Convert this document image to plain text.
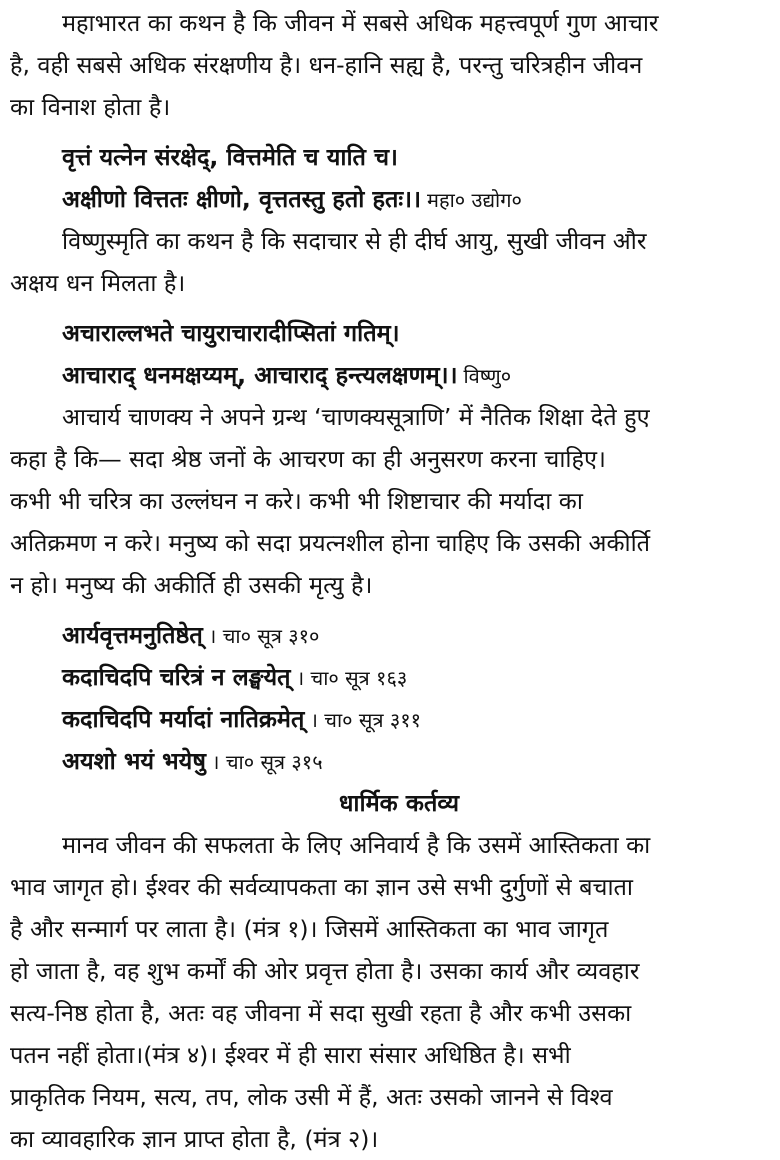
महाभारत का कथन है कि जीवन में सबसे अधिक महत्त्वपूर्ण गुण आचार
है, वही सबसे अधिक संरक्षणीय है। धन-हानि सह्य है, परन्तु चरित्रहीन जीवन
का विनाश होता है।
वृत्तं यत्नेन संरक्षेद्, वित्तमेति च याति च।
अक्षीणो वित्ततः क्षीणो, वृत्ततस्तु हतो हतः।। महा० उद्योग०
विष्णुस्मृति का कथन है कि सदाचार से ही दीर्घ आयु, सुखी जीवन और
अक्षय धन मिलता है।
अचाराल्लभते चायुराचारादीप्सितां गतिम्।
आचाराद् धनमक्षय्यम्, आचाराद् हन्त्यलक्षणम्।। विष्णु०
आचार्य चाणक्य ने अपने ग्रन्थ ‘चाणक्यसूत्राणि’ में नैतिक शिक्षा देते हुए
कहा है कि— सदा श्रेष्ठ जनों के आचरण का ही अनुसरण करना चाहिए।
कभी भी चरित्र का उल्लंघन न करे। कभी भी शिष्टाचार की मर्यादा का
अतिक्रमण न करे। मनुष्य को सदा प्रयत्नशील होना चाहिए कि उसकी अकीर्ति
न हो। मनुष्य की अकीर्ति ही उसकी मृत्यु है।
आर्यवृत्तमनुतिष्ठेत् । चा० सूत्र ३१०
कदाचिदपि चरित्रं न लङ्घयेत् । चा० सूत्र १६३
कदाचिदपि मर्यादां नातिक्रमेत् । चा० सूत्र ३११
अयशो भयं भयेषु । चा० सूत्र ३१५
धार्मिक कर्तव्य
मानव जीवन की सफलता के लिए अनिवार्य है कि उसमें आस्तिकता का
भाव जागृत हो। ईश्वर की सर्वव्यापकता का ज्ञान उसे सभी दुर्गुणों से बचाता
है और सन्मार्ग पर लाता है। (मंत्र १)। जिसमें आस्तिकता का भाव जागृत
हो जाता है, वह शुभ कर्मों की ओर प्रवृत्त होता है। उसका कार्य और व्यवहार
सत्य-निष्ठ होता है, अतः वह जीवना में सदा सुखी रहता है और कभी उसका
पतन नहीं होता।(मंत्र ४)। ईश्वर में ही सारा संसार अधिष्ठित है। सभी
प्राकृतिक नियम, सत्य, तप, लोक उसी में हैं, अतः उसको जानने से विश्व
का व्यावहारिक ज्ञान प्राप्त होता है, (मंत्र २)।
